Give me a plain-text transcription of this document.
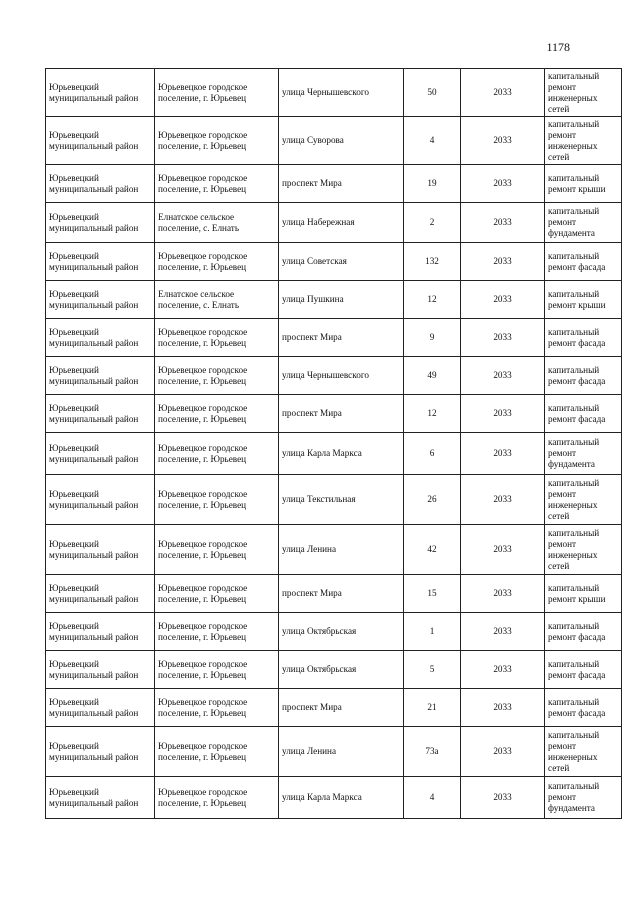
1178
Юрьевецкий муниципальный район	Юрьевецкое городское поселение, г. Юрьевец	улица Чернышевского	50	2033	капитальный ремонт инженерных сетей
Юрьевецкий муниципальный район	Юрьевецкое городское поселение, г. Юрьевец	улица Суворова	4	2033	капитальный ремонт инженерных сетей
Юрьевецкий муниципальный район	Юрьевецкое городское поселение, г. Юрьевец	проспект Мира	19	2033	капитальный ремонт крыши
Юрьевецкий муниципальный район	Елнатское сельское поселение, с. Елнать	улица Набережная	2	2033	капитальный ремонт фундамента
Юрьевецкий муниципальный район	Юрьевецкое городское поселение, г. Юрьевец	улица Советская	132	2033	капитальный ремонт фасада
Юрьевецкий муниципальный район	Елнатское сельское поселение, с. Елнать	улица Пушкина	12	2033	капитальный ремонт крыши
Юрьевецкий муниципальный район	Юрьевецкое городское поселение, г. Юрьевец	проспект Мира	9	2033	капитальный ремонт фасада
Юрьевецкий муниципальный район	Юрьевецкое городское поселение, г. Юрьевец	улица Чернышевского	49	2033	капитальный ремонт фасада
Юрьевецкий муниципальный район	Юрьевецкое городское поселение, г. Юрьевец	проспект Мира	12	2033	капитальный ремонт фасада
Юрьевецкий муниципальный район	Юрьевецкое городское поселение, г. Юрьевец	улица Карла Маркса	6	2033	капитальный ремонт фундамента
Юрьевецкий муниципальный район	Юрьевецкое городское поселение, г. Юрьевец	улица Текстильная	26	2033	капитальный ремонт инженерных сетей
Юрьевецкий муниципальный район	Юрьевецкое городское поселение, г. Юрьевец	улица Ленина	42	2033	капитальный ремонт инженерных сетей
Юрьевецкий муниципальный район	Юрьевецкое городское поселение, г. Юрьевец	проспект Мира	15	2033	капитальный ремонт крыши
Юрьевецкий муниципальный район	Юрьевецкое городское поселение, г. Юрьевец	улица Октябрьская	1	2033	капитальный ремонт фасада
Юрьевецкий муниципальный район	Юрьевецкое городское поселение, г. Юрьевец	улица Октябрьская	5	2033	капитальный ремонт фасада
Юрьевецкий муниципальный район	Юрьевецкое городское поселение, г. Юрьевец	проспект Мира	21	2033	капитальный ремонт фасада
Юрьевецкий муниципальный район	Юрьевецкое городское поселение, г. Юрьевец	улица Ленина	73а	2033	капитальный ремонт инженерных сетей
Юрьевецкий муниципальный район	Юрьевецкое городское поселение, г. Юрьевец	улица Карла Маркса	4	2033	капитальный ремонт фундамента
